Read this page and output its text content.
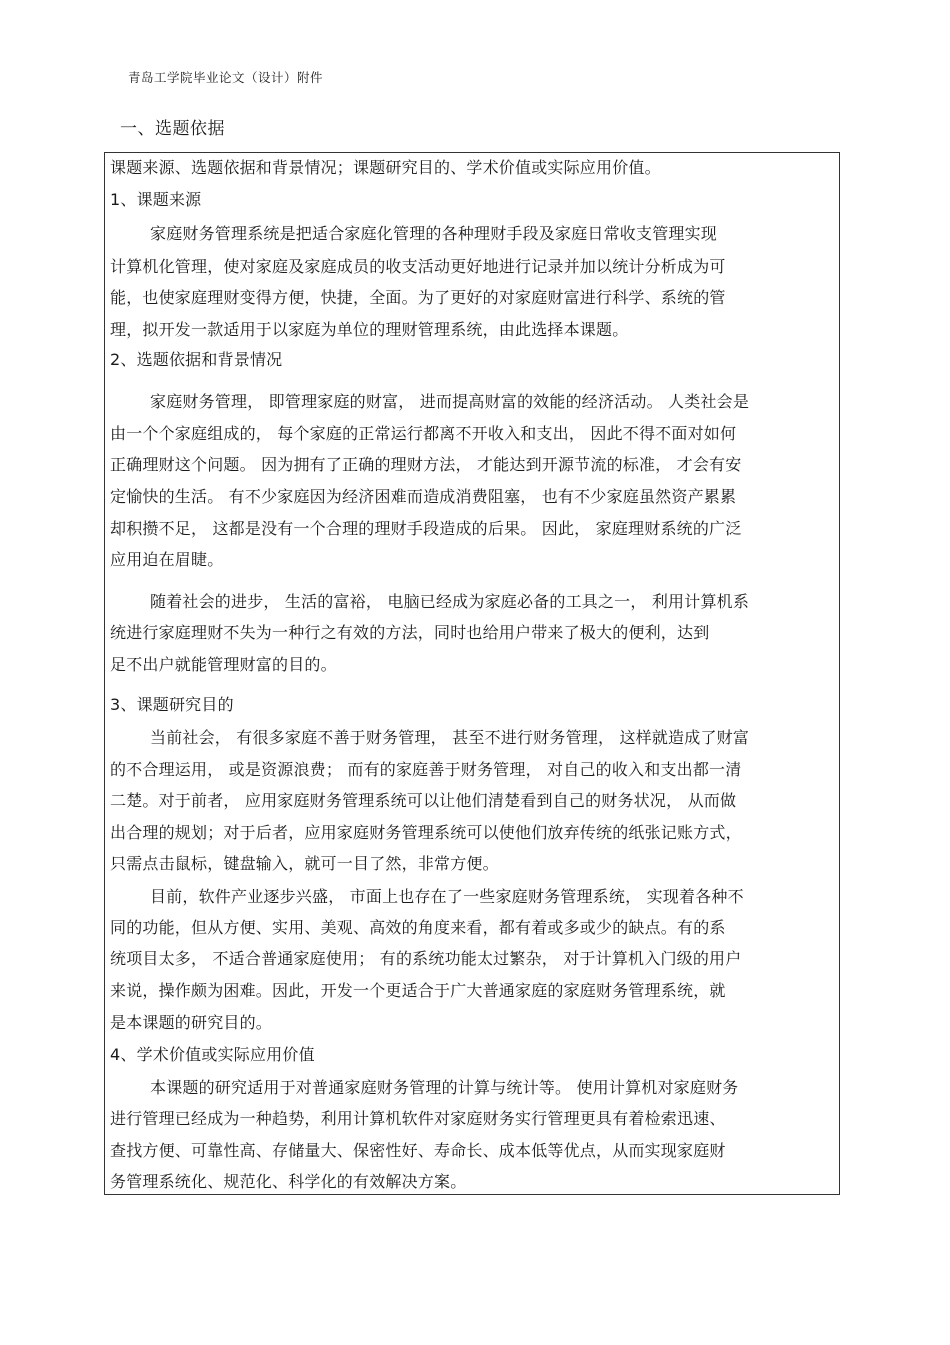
青岛工学院毕业论文（设计）附件
一、选题依据
课题来源、选题依据和背景情况；课题研究目的、学术价值或实际应用价值。
1、课题来源
家庭财务管理系统是把适合家庭化管理的各种理财手段及家庭日常收支管理实现
计算机化管理，使对家庭及家庭成员的收支活动更好地进行记录并加以统计分析成为可
能，也使家庭理财变得方便，快捷，全面。为了更好的对家庭财富进行科学、系统的管
理，拟开发一款适用于以家庭为单位的理财管理系统，由此选择本课题。
2、选题依据和背景情况
家庭财务管理， 即管理家庭的财富， 进而提高财富的效能的经济活动。 人类社会是
由一个个家庭组成的， 每个家庭的正常运行都离不开收入和支出， 因此不得不面对如何
正确理财这个问题。 因为拥有了正确的理财方法， 才能达到开源节流的标准， 才会有安
定愉快的生活。 有不少家庭因为经济困难而造成消费阻塞， 也有不少家庭虽然资产累累
却积攒不足， 这都是没有一个合理的理财手段造成的后果。 因此， 家庭理财系统的广泛
应用迫在眉睫。
随着社会的进步， 生活的富裕， 电脑已经成为家庭必备的工具之一， 利用计算机系
统进行家庭理财不失为一种行之有效的方法，同时也给用户带来了极大的便利，达到
足不出户就能管理财富的目的。
3、课题研究目的
当前社会， 有很多家庭不善于财务管理， 甚至不进行财务管理， 这样就造成了财富
的不合理运用， 或是资源浪费； 而有的家庭善于财务管理， 对自己的收入和支出都一清
二楚。对于前者， 应用家庭财务管理系统可以让他们清楚看到自己的财务状况， 从而做
出合理的规划；对于后者，应用家庭财务管理系统可以使他们放弃传统的纸张记账方式，
只需点击鼠标，键盘输入，就可一目了然，非常方便。
目前，软件产业逐步兴盛， 市面上也存在了一些家庭财务管理系统， 实现着各种不
同的功能，但从方便、实用、美观、高效的角度来看，都有着或多或少的缺点。有的系
统项目太多， 不适合普通家庭使用； 有的系统功能太过繁杂， 对于计算机入门级的用户
来说，操作颇为困难。因此，开发一个更适合于广大普通家庭的家庭财务管理系统，就
是本课题的研究目的。
4、学术价值或实际应用价值
本课题的研究适用于对普通家庭财务管理的计算与统计等。 使用计算机对家庭财务
进行管理已经成为一种趋势，利用计算机软件对家庭财务实行管理更具有着检索迅速、
查找方便、可靠性高、存储量大、保密性好、寿命长、成本低等优点，从而实现家庭财
务管理系统化、规范化、科学化的有效解决方案。
